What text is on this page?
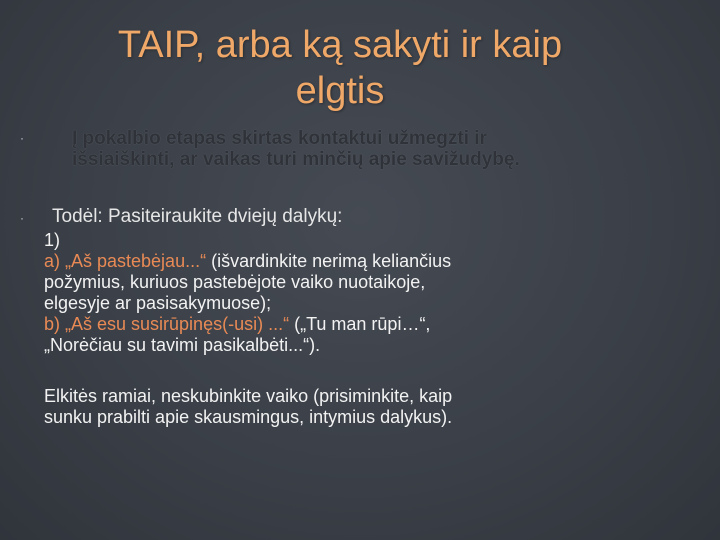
TAIP, arba ką sakyti ir kaip
elgtis
·	Į pokalbio etapas skirtas kontaktui užmegzti ir
išsiaiškinti, ar vaikas turi minčių apie savižudybę.
· Todėl: Pasiteiraukite dviejų dalykų:
1)
a) „Aš pastebėjau...“ (išvardinkite nerimą keliančius
požymius, kuriuos pastebėjote vaiko nuotaikoje,
elgesyje ar pasisakymuose);
b) „Aš esu susirūpinęs(-usi) ...“ („Tu man rūpi…“,
„Norėčiau su tavimi pasikalbėti...“).
Elkitės ramiai, neskubinkite vaiko (prisiminkite, kaip
sunku prabilti apie skausmingus, intymius dalykus).
